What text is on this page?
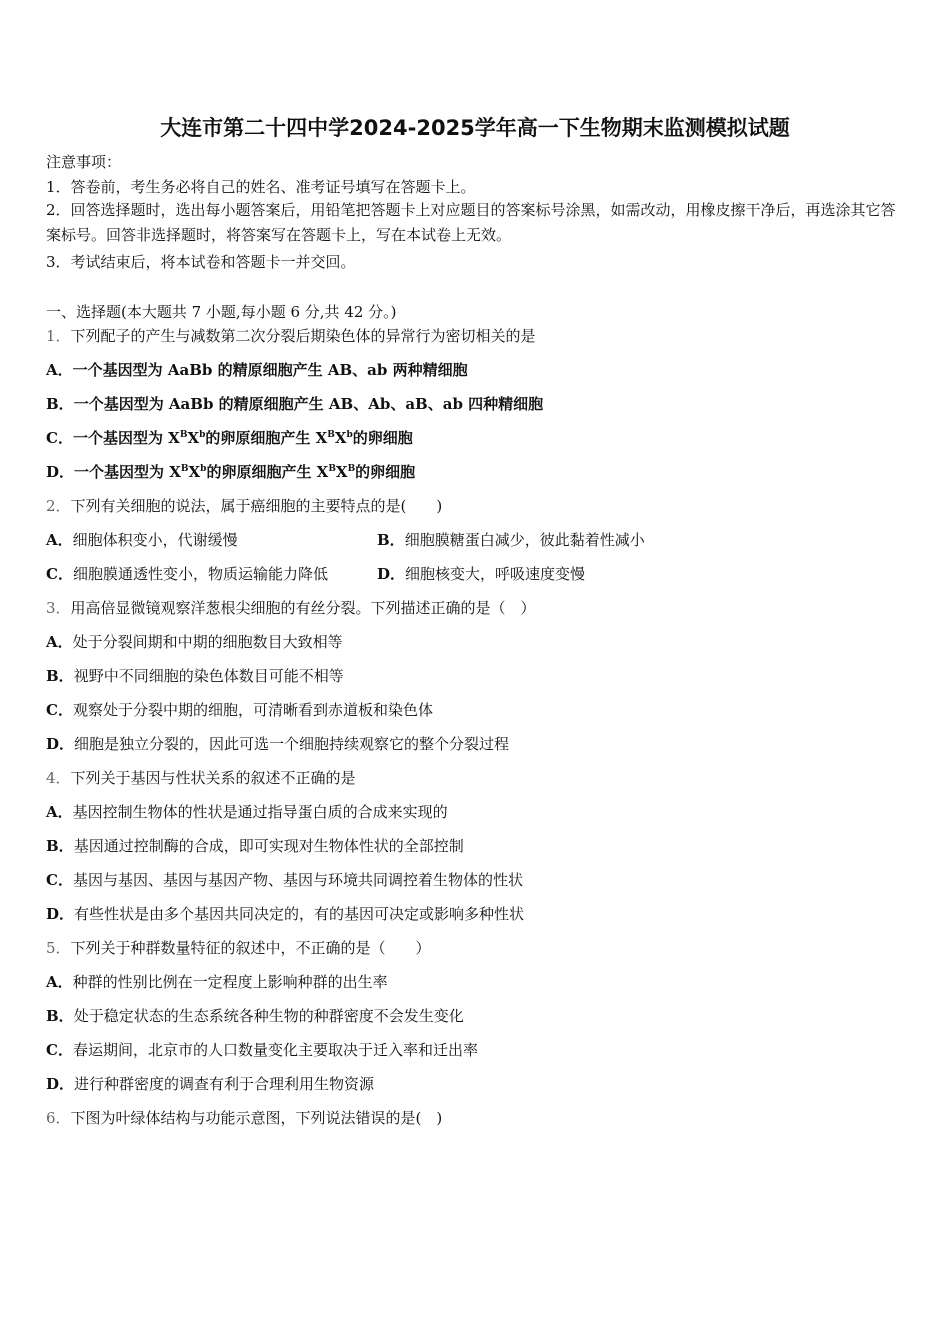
大连市第二十四中学2024-2025学年高一下生物期末监测模拟试题
注意事项：
1．答卷前，考生务必将自己的姓名、准考证号填写在答题卡上。
2．回答选择题时，选出每小题答案后，用铅笔把答题卡上对应题目的答案标号涂黑，如需改动，用橡皮擦干净后，再选涂其它答案标号。回答非选择题时，将答案写在答题卡上，写在本试卷上无效。
3．考试结束后，将本试卷和答题卡一并交回。
一、选择题(本大题共 7 小题,每小题 6 分,共 42 分。)
1．下列配子的产生与减数第二次分裂后期染色体的异常行为密切相关的是
A．一个基因型为 AaBb 的精原细胞产生 AB、ab 两种精细胞
B．一个基因型为 AaBb 的精原细胞产生 AB、Ab、aB、ab 四种精细胞
C．一个基因型为 $X^BX^b$的卵原细胞产生 $X^BX^b$的卵细胞
D．一个基因型为 $X^BX^b$的卵原细胞产生 $X^BX^B$的卵细胞
2．下列有关细胞的说法，属于癌细胞的主要特点的是(　　)
A．细胞体积变小，代谢缓慢	B．细胞膜糖蛋白减少，彼此黏着性减小
C．细胞膜通透性变小，物质运输能力降低	D．细胞核变大，呼吸速度变慢
3．用高倍显微镜观察洋葱根尖细胞的有丝分裂。下列描述正确的是（　）
A．处于分裂间期和中期的细胞数目大致相等
B．视野中不同细胞的染色体数目可能不相等
C．观察处于分裂中期的细胞，可清晰看到赤道板和染色体
D．细胞是独立分裂的，因此可选一个细胞持续观察它的整个分裂过程
4．下列关于基因与性状关系的叙述不正确的是
A．基因控制生物体的性状是通过指导蛋白质的合成来实现的
B．基因通过控制酶的合成，即可实现对生物体性状的全部控制
C．基因与基因、基因与基因产物、基因与环境共同调控着生物体的性状
D．有些性状是由多个基因共同决定的，有的基因可决定或影响多种性状
5．下列关于种群数量特征的叙述中，不正确的是（　　）
A．种群的性别比例在一定程度上影响种群的出生率
B．处于稳定状态的生态系统各种生物的种群密度不会发生变化
C．春运期间，北京市的人口数量变化主要取决于迁入率和迁出率
D．进行种群密度的调查有利于合理利用生物资源
6．下图为叶绿体结构与功能示意图，下列说法错误的是(　)
